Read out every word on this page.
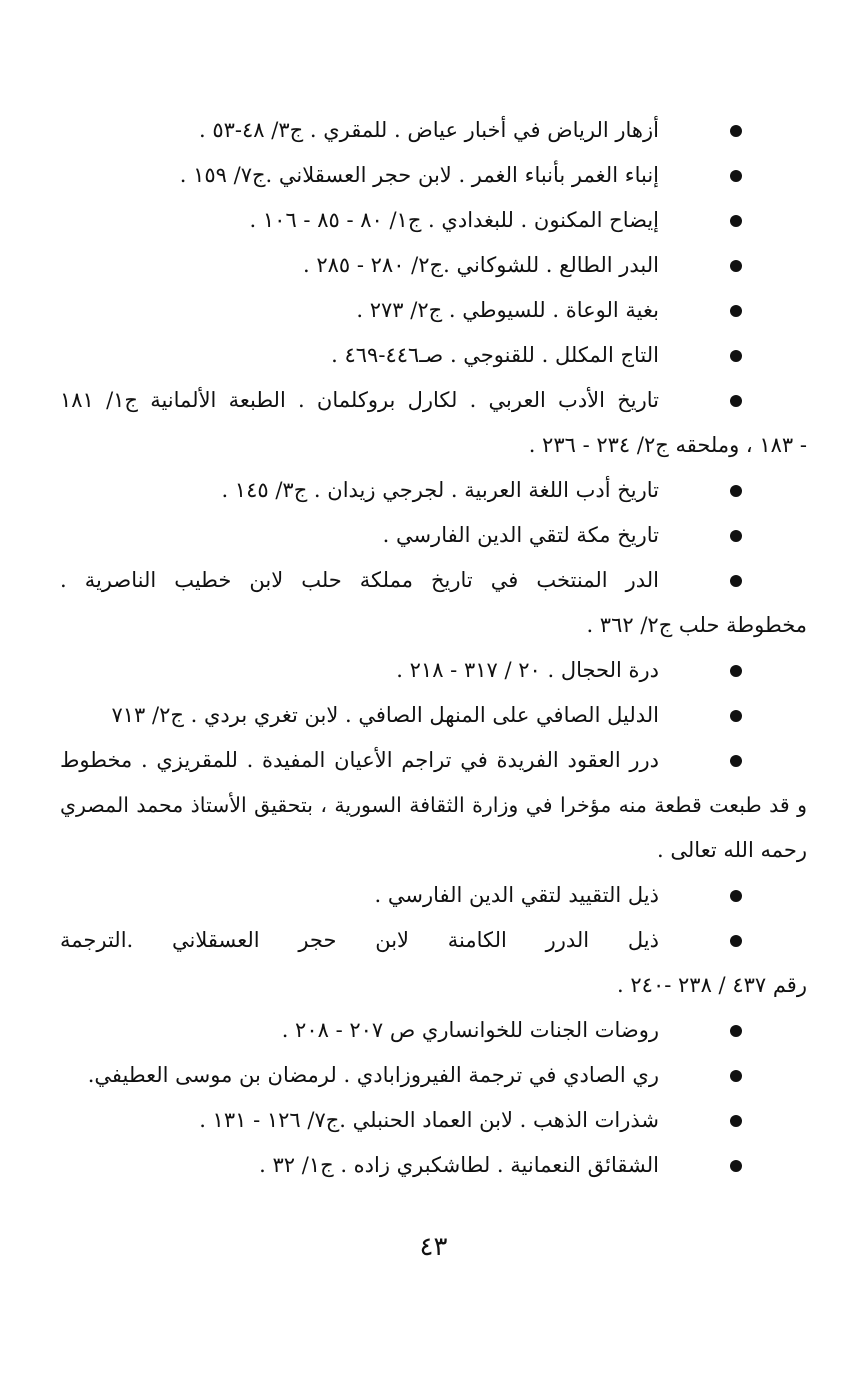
أزهار الرياض في أخبار عياض . للمقري . ج٣/ ٤٨-٥٣ .
إنباء الغمر بأنباء الغمر . لابن حجر العسقلاني .ج٧/ ١٥٩ .
إيضاح المكنون . للبغدادي . ج١/ ٨٠ - ٨٥ - ١٠٦ .
البدر الطالع . للشوكاني .ج٢/ ٢٨٠ - ٢٨٥ .
بغية الوعاة . للسيوطي . ج٢/ ٢٧٣ .
التاج المكلل . للقنوجي . صـ٤٤٦-٤٦٩ .
تاريخ الأدب العربي . لكارل بروكلمان . الطبعة الألمانية ج١/ ١٨١
- ١٨٣ ، وملحقه ج٢/ ٢٣٤ - ٢٣٦ .
تاريخ أدب اللغة العربية . لجرجي زيدان . ج٣/ ١٤٥ .
تاريخ مكة لتقي الدين الفارسي .
الدر المنتخب في تاريخ مملكة حلب لابن خطيب الناصرية .
مخطوطة حلب ج٢/ ٣٦٢ .
درة الحجال . ٢٠ / ٣١٧ - ٢١٨ .
الدليل الصافي على المنهل الصافي . لابن تغري بردي . ج٢/ ٧١٣
درر العقود الفريدة في تراجم الأعيان المفيدة . للمقريزي . مخطوط
و قد طبعت قطعة منه مؤخرا في وزارة الثقافة السورية ، بتحقيق الأستاذ محمد المصري
رحمه الله تعالى .
ذيل التقييد لتقي الدين الفارسي .
ذيل الدرر الكامنة لابن حجر العسقلاني .الترجمة
رقم ٤٣٧ / ٢٣٨ -٢٤٠ .
روضات الجنات للخوانساري ص ٢٠٧ - ٢٠٨ .
ري الصادي في ترجمة الفيروزابادي . لرمضان بن موسى العطيفي.
شذرات الذهب . لابن العماد الحنبلي .ج٧/ ١٢٦ - ١٣١ .
الشقائق النعمانية . لطاشكبري زاده . ج١/ ٣٢ .
٤٣
